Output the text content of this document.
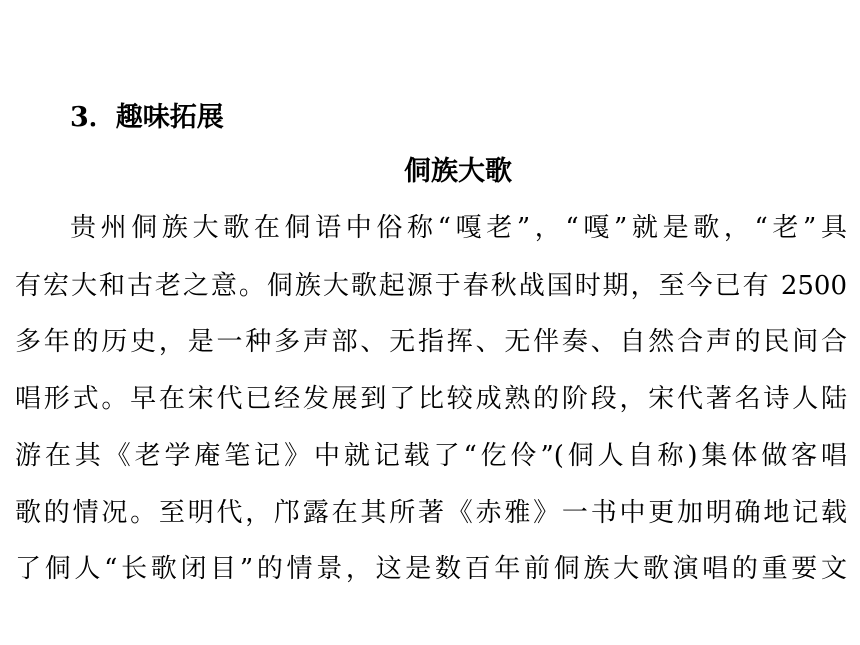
3．趣味拓展
侗族大歌
贵州侗族大歌在侗语中俗称“嘎老”，“嘎”就是歌，“老”具
有宏大和古老之意。侗族大歌起源于春秋战国时期，至今已有 2500
多年的历史，是一种多声部、无指挥、无伴奏、自然合声的民间合
唱形式。早在宋代已经发展到了比较成熟的阶段，宋代著名诗人陆
游在其《老学庵笔记》中就记载了“仡伶”(侗人自称)集体做客唱
歌的情况。至明代，邝露在其所著《赤雅》一书中更加明确地记载
了侗人“长歌闭目”的情景，这是数百年前侗族大歌演唱的重要文
